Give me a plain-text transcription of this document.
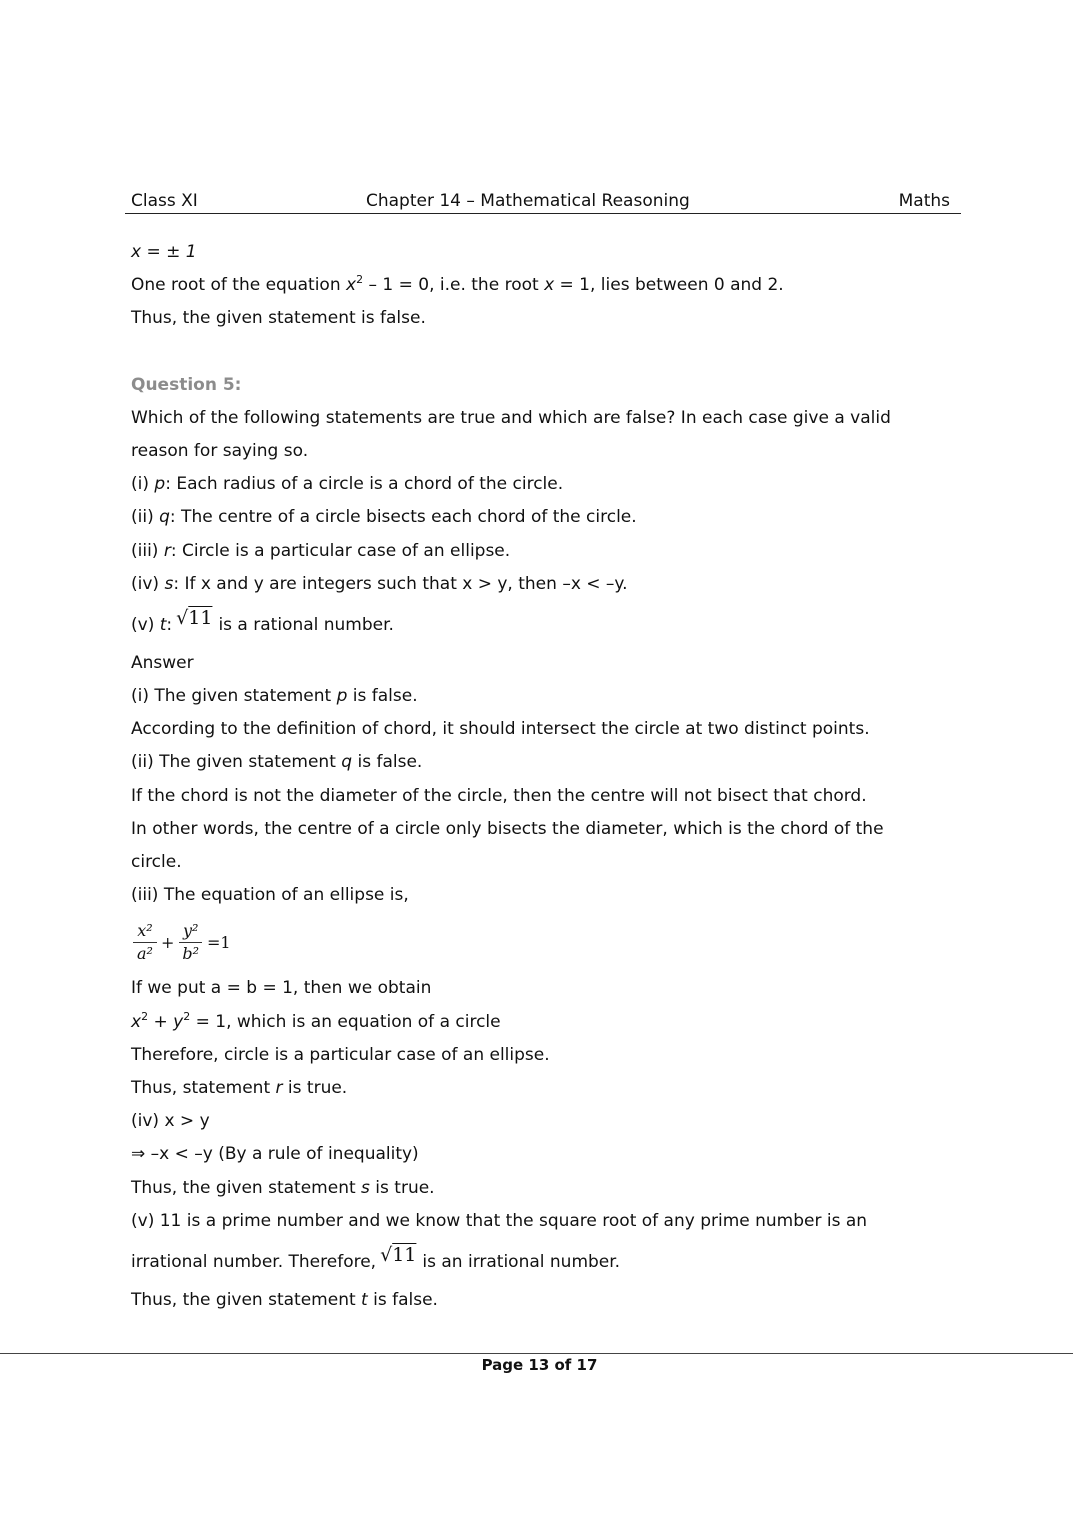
Class XI	Chapter 14 – Mathematical Reasoning	Maths
x = ± 1
One root of the equation $x^2 - 1 = 0$, i.e. the root x = 1, lies between 0 and 2.
Thus, the given statement is false.
Question 5:
Which of the following statements are true and which are false? In each case give a valid
reason for saying so.
(i) p: Each radius of a circle is a chord of the circle.
(ii) q: The centre of a circle bisects each chord of the circle.
(iii) r: Circle is a particular case of an ellipse.
(iv) s: If x and y are integers such that x > y, then –x < –y.
(v) t: √11 is a rational number.
Answer
(i) The given statement p is false.
According to the definition of chord, it should intersect the circle at two distinct points.
(ii) The given statement q is false.
If the chord is not the diameter of the circle, then the centre will not bisect that chord.
In other words, the centre of a circle only bisects the diameter, which is the chord of the
circle.
(iii) The equation of an ellipse is,
$\frac{\text{x²}}{\text{a²}} + \frac{\text{y²}}{\text{b²}} =1$
If we put a = b = 1, then we obtain
$x^2 + y^2 = 1$, which is an equation of a circle
Therefore, circle is a particular case of an ellipse.
Thus, statement r is true.
(iv) x > y
⇒ –x < –y (By a rule of inequality)
Thus, the given statement s is true.
(v) 11 is a prime number and we know that the square root of any prime number is an
irrational number. Therefore, √11 is an irrational number.
Thus, the given statement t is false.
Page 13 of 17
